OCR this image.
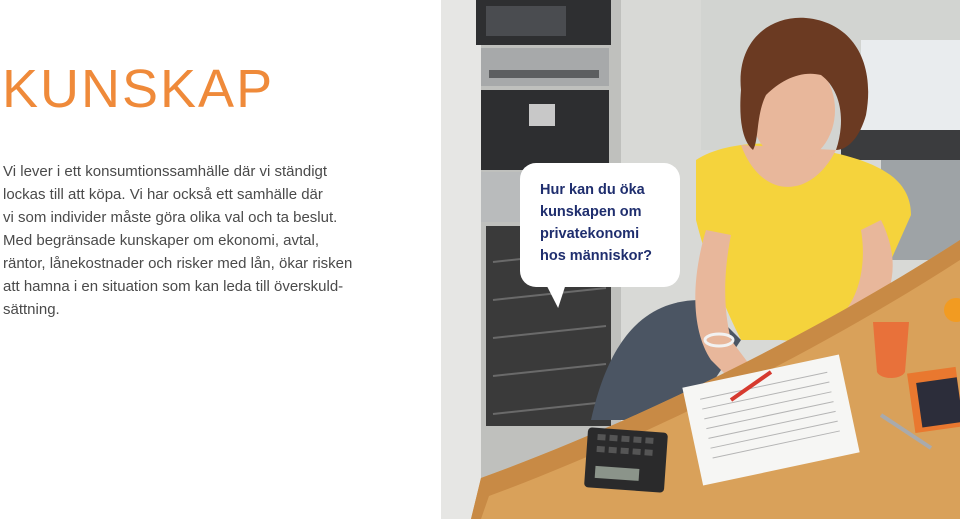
KUNSKAP

Vi lever i ett konsumtionssamhälle där vi ständigt
lockas till att köpa. Vi har också ett samhälle där
vi som individer måste göra olika val och ta beslut.
Med begränsade kunskaper om ekonomi, avtal,
räntor, lånekostnader och risker med lån, ökar risken
att hamna i en situation som kan leda till överskuld-
sättning.

Hur kan du öka
kunskapen om
privatekonomi
hos människor?
